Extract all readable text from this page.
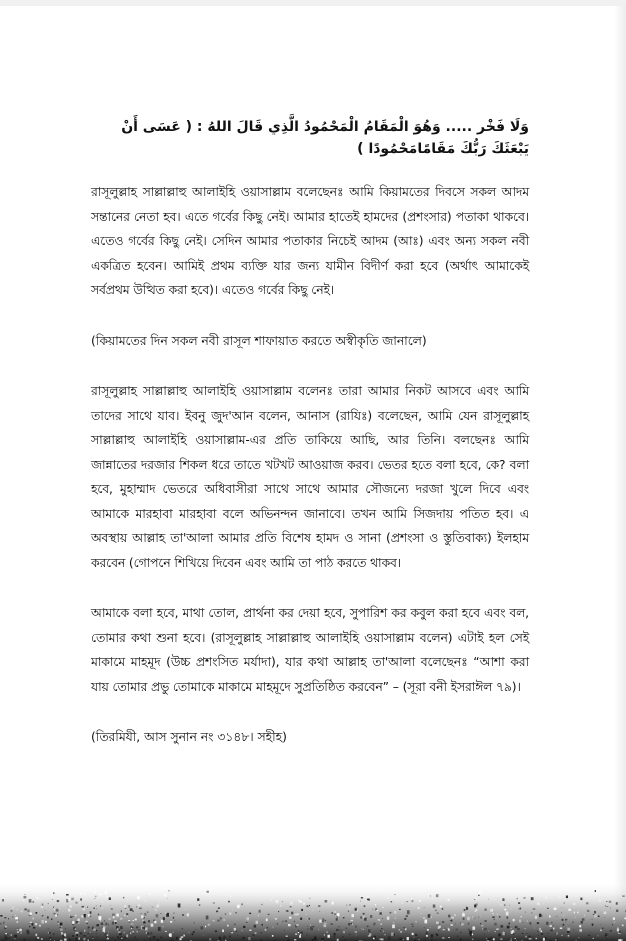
وَلَا فَخْر ..... وَهُوَ الْمَقَامُ الْمَحْمُودُ الَّذِي قَالَ اللهُ : ( عَسَى أَنْ يَبْعَثَكَ رَبُّكَ مَقَامًامَحْمُودًا )

রাসূলুল্লাহ সাল্লাল্লাহু আলাইহি ওয়াসাল্লাম বলেছেনঃ আমি কিয়ামতের দিবসে সকল আদম সন্তানের নেতা হব। এতে গর্বের কিছু নেই। আমার হাতেই হামদের (প্রশংসার) পতাকা থাকবে। এতেও গর্বের কিছু নেই। সেদিন আমার পতাকার নিচেই আদম (আঃ) এবং অন্য সকল নবী একত্রিত হবেন। আমিই প্রথম ব্যক্তি যার জন্য যামীন বিদীর্ণ করা হবে (অর্থাৎ আমাকেই সর্বপ্রথম উত্থিত করা হবে)। এতেও গর্বের কিছু নেই।

(কিয়ামতের দিন সকল নবী রাসূল শাফায়াত করতে অস্বীকৃতি জানালে)

রাসূলুল্লাহ সাল্লাল্লাহু আলাইহি ওয়াসাল্লাম বলেনঃ তারা আমার নিকট আসবে এবং আমি তাদের সাথে যাব। ইবনু জুদ'আন বলেন, আনাস (রাযিঃ) বলেছেন, আমি যেন রাসূলুল্লাহ সাল্লাল্লাহু আলাইহি ওয়াসাল্লাম-এর প্রতি তাকিয়ে আছি, আর তিনি। বলছেনঃ আমি জান্নাতের দরজার শিকল ধরে তাতে খটখট আওয়াজ করব। ভেতর হতে বলা হবে, কে? বলা হবে, মুহাম্মাদ ভেতরে অধিবাসীরা সাথে সাথে আমার সৌজন্যে দরজা খুলে দিবে এবং আমাকে মারহাবা মারহাবা বলে অভিনন্দন জানাবে। তখন আমি সিজদায় পতিত হব। এ অবস্থায় আল্লাহ তা'আলা আমার প্রতি বিশেষ হামদ ও সানা (প্রশংসা ও স্তুতিবাক্য) ইলহাম করবেন (গোপনে শিখিয়ে দিবেন এবং আমি তা পাঠ করতে থাকব।

আমাকে বলা হবে, মাথা তোল, প্রার্থনা কর দেয়া হবে, সুপারিশ কর কবুল করা হবে এবং বল, তোমার কথা শুনা হবে। (রাসূলুল্লাহ সাল্লাল্লাহু আলাইহি ওয়াসাল্লাম বলেন) এটাই হল সেই মাকামে মাহমূদ (উচ্চ প্রশংসিত মর্যাদা), যার কথা আল্লাহ তা'আলা বলেছেনঃ “আশা করা যায় তোমার প্রভু তোমাকে মাকামে মাহমূদে সুপ্রতিষ্ঠিত করবেন” – (সূরা বনী ইসরাঈল ৭৯)।

(তিরমিযী, আস সুনান নং ৩১৪৮। সহীহ)
